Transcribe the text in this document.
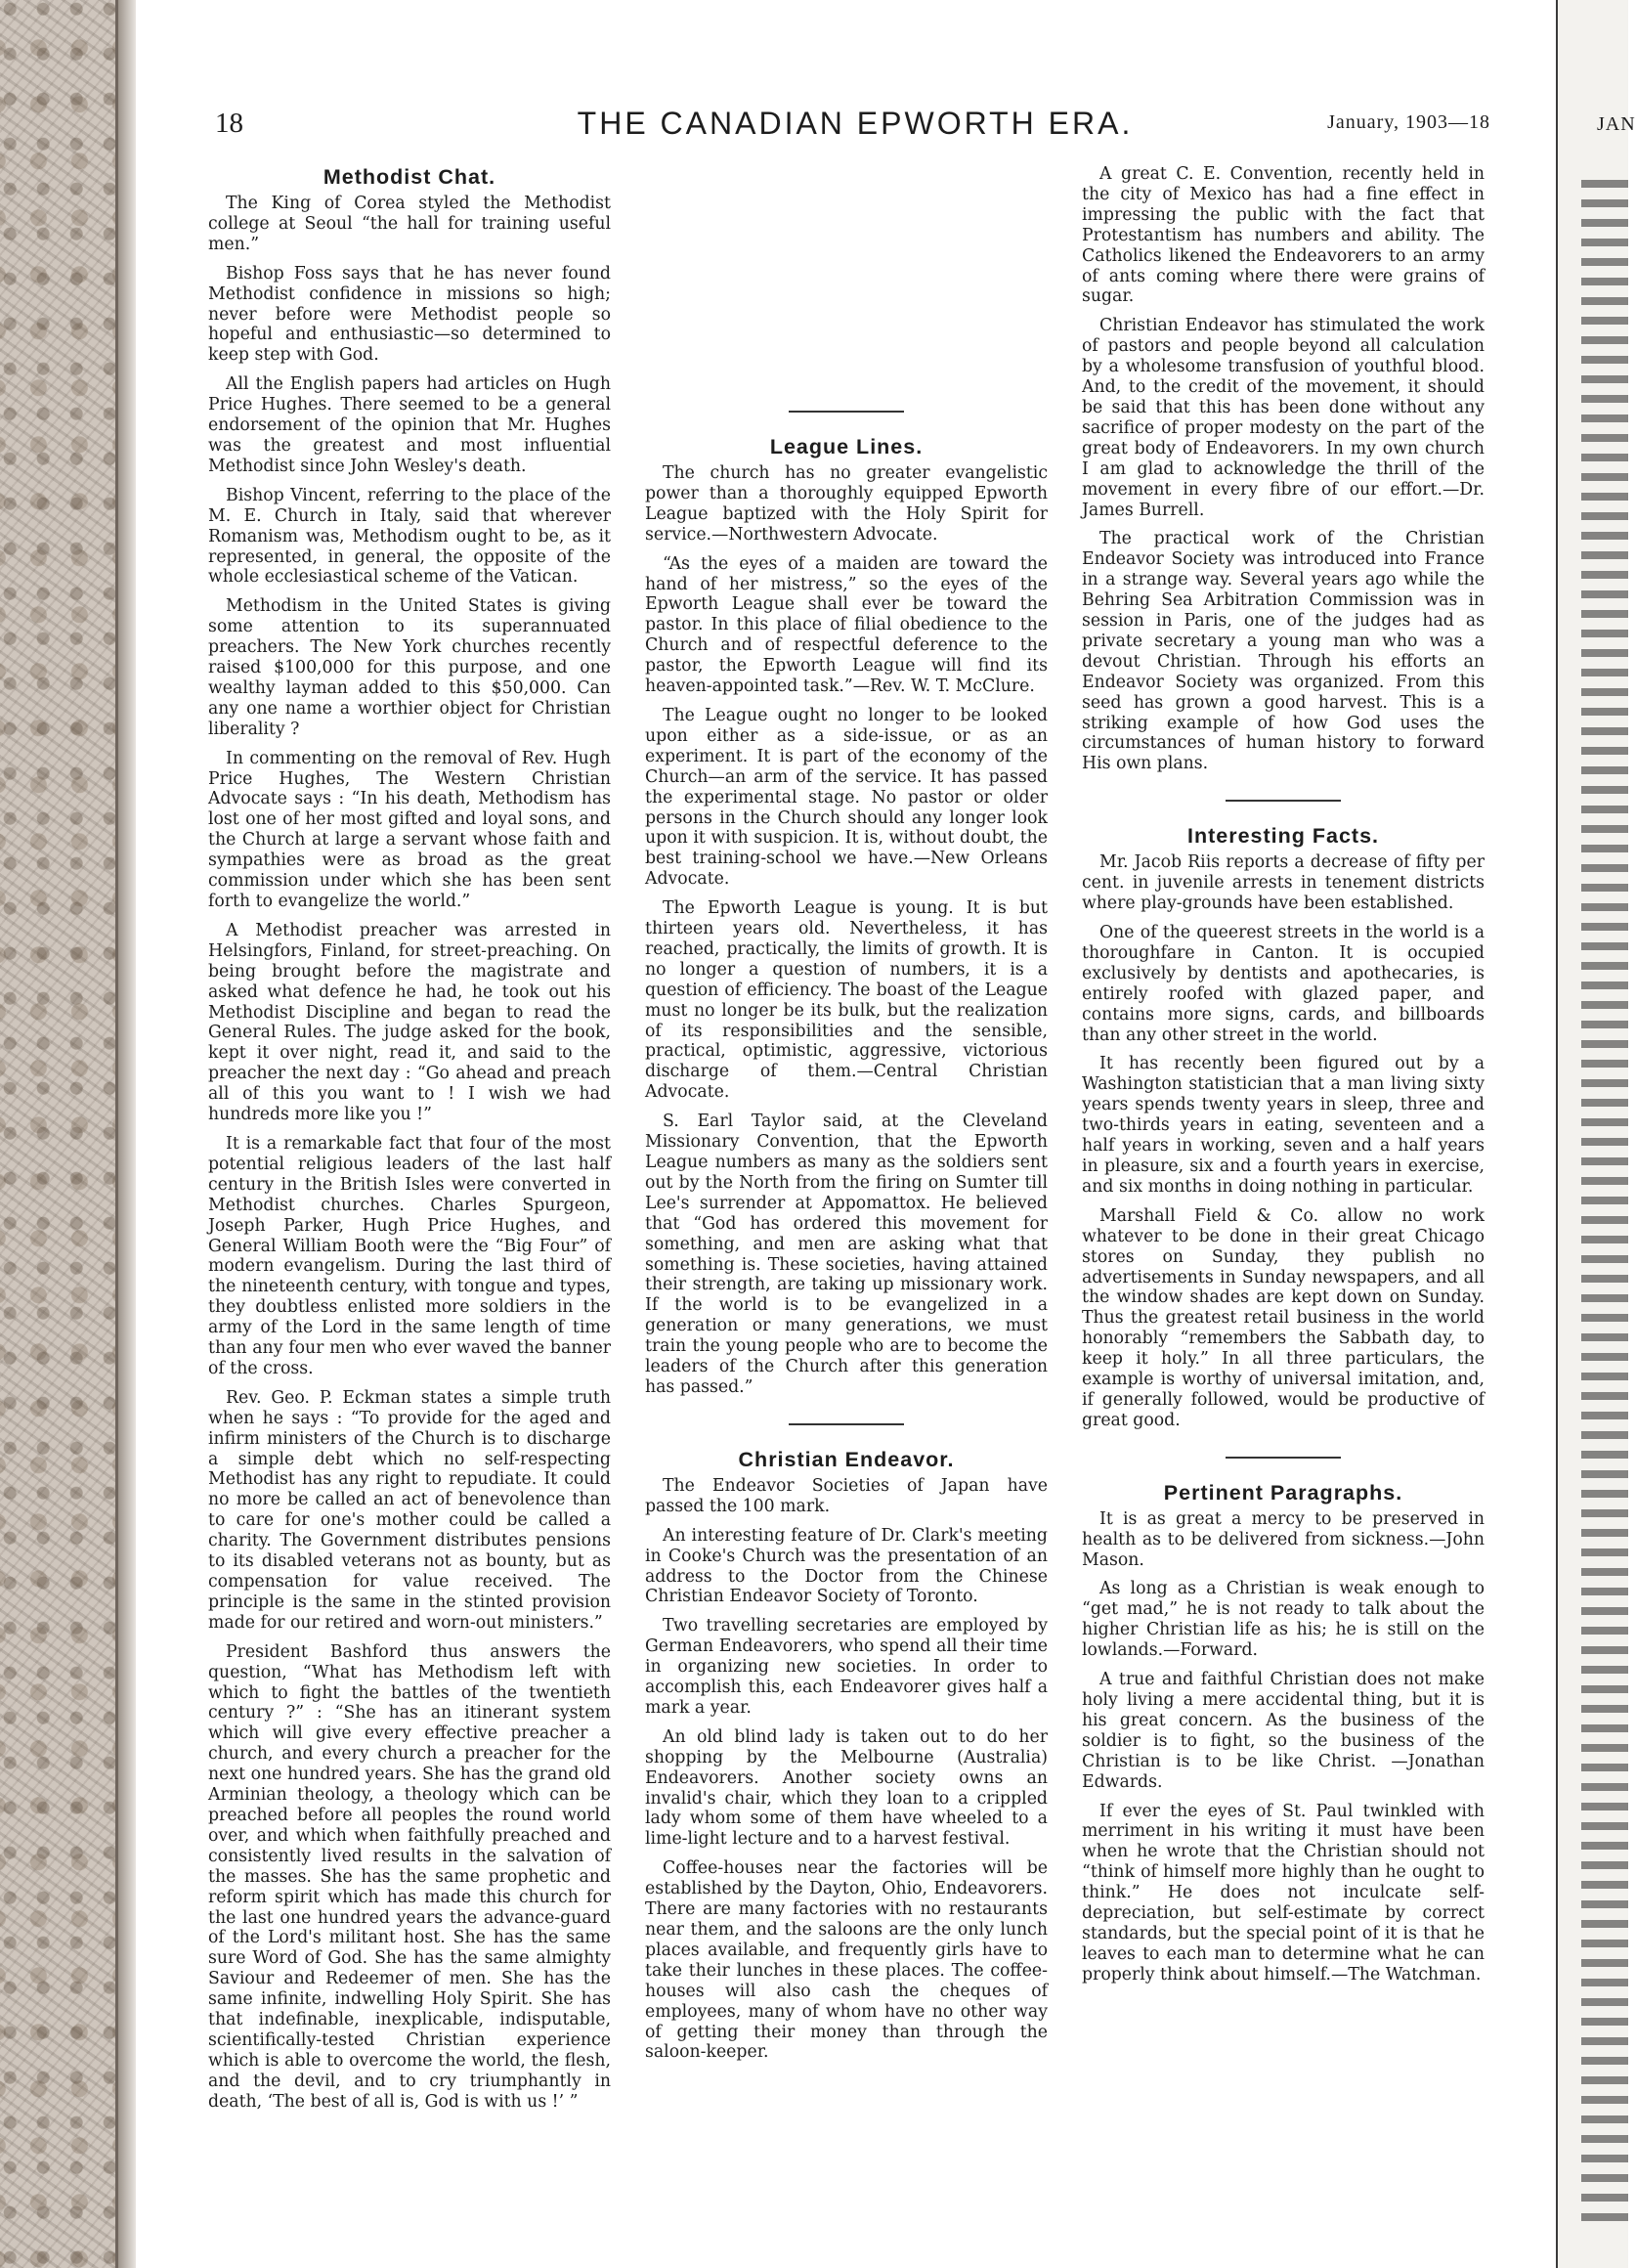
JAN
18	THE CANADIAN EPWORTH ERA.	January, 1903—18
Methodist Chat.

The King of Corea styled the Methodist college at Seoul “the hall for training useful men.”

Bishop Foss says that he has never found Methodist confidence in missions so high; never before were Methodist people so hopeful and enthusiastic—so determined to keep step with God.

All the English papers had articles on Hugh Price Hughes. There seemed to be a general endorsement of the opinion that Mr. Hughes was the greatest and most influential Methodist since John Wesley's death.

Bishop Vincent, referring to the place of the M. E. Church in Italy, said that wherever Romanism was, Methodism ought to be, as it represented, in general, the opposite of the whole ecclesiastical scheme of the Vatican.

Methodism in the United States is giving some attention to its superannuated preachers. The New York churches recently raised $100,000 for this purpose, and one wealthy layman added to this $50,000. Can any one name a worthier object for Christian liberality ?

In commenting on the removal of Rev. Hugh Price Hughes, The Western Christian Advocate says : “In his death, Methodism has lost one of her most gifted and loyal sons, and the Church at large a servant whose faith and sympathies were as broad as the great commission under which she has been sent forth to evangelize the world.”

A Methodist preacher was arrested in Helsingfors, Finland, for street-preaching. On being brought before the magistrate and asked what defence he had, he took out his Methodist Discipline and began to read the General Rules. The judge asked for the book, kept it over night, read it, and said to the preacher the next day : “Go ahead and preach all of this you want to ! I wish we had hundreds more like you !”

It is a remarkable fact that four of the most potential religious leaders of the last half century in the British Isles were converted in Methodist churches. Charles Spurgeon, Joseph Parker, Hugh Price Hughes, and General William Booth were the “Big Four” of modern evangelism. During the last third of the nineteenth century, with tongue and types, they doubtless enlisted more soldiers in the army of the Lord in the same length of time than any four men who ever waved the banner of the cross.

Rev. Geo. P. Eckman states a simple truth when he says : “To provide for the aged and infirm ministers of the Church is to discharge a simple debt which no self-respecting Methodist has any right to repudiate. It could no more be called an act of benevolence than to care for one's mother could be called a charity. The Government distributes pensions to its disabled veterans not as bounty, but as compensation for value received. The principle is the same in the stinted provision made for our retired and worn-out ministers.”

President Bashford thus answers the question, “What has Methodism left with which to fight the battles of the twentieth century ?” : “She has an itinerant system which will give every effective preacher a church, and every church a preacher for the next one hundred years. She has the grand old Arminian theology, a theology which can be preached before all peoples the round world over, and which when faithfully preached and consistently lived results in the salvation of the masses. She has the same prophetic and reform spirit which has made this church for the last one hundred years the advance-guard of the Lord's militant host. She has the same sure Word of God. She has the same almighty Saviour and Redeemer of men. She has the same infinite, indwelling Holy Spirit. She has that indefinable, inexplicable, indisputable, scientifically-tested Christian experience which is able to overcome the world, the flesh, and the devil, and to cry triumphantly in death, ‘The best of all is, God is with us !’ ”

League Lines.

The church has no greater evangelistic power than a thoroughly equipped Epworth League baptized with the Holy Spirit for service.—Northwestern Advocate.

“As the eyes of a maiden are toward the hand of her mistress,” so the eyes of the Epworth League shall ever be toward the pastor. In this place of filial obedience to the Church and of respectful deference to the pastor, the Epworth League will find its heaven-appointed task.”—Rev. W. T. McClure.

The League ought no longer to be looked upon either as a side-issue, or as an experiment. It is part of the economy of the Church—an arm of the service. It has passed the experimental stage. No pastor or older persons in the Church should any longer look upon it with suspicion. It is, without doubt, the best training-school we have.—New Orleans Advocate.

The Epworth League is young. It is but thirteen years old. Nevertheless, it has reached, practically, the limits of growth. It is no longer a question of numbers, it is a question of efficiency. The boast of the League must no longer be its bulk, but the realization of its responsibilities and the sensible, practical, optimistic, aggressive, victorious discharge of them.—Central Christian Advocate.

S. Earl Taylor said, at the Cleveland Missionary Convention, that the Epworth League numbers as many as the soldiers sent out by the North from the firing on Sumter till Lee's surrender at Appomattox. He believed that “God has ordered this movement for something, and men are asking what that something is. These societies, having attained their strength, are taking up missionary work. If the world is to be evangelized in a generation or many generations, we must train the young people who are to become the leaders of the Church after this generation has passed.”

Christian Endeavor.

The Endeavor Societies of Japan have passed the 100 mark.

An interesting feature of Dr. Clark's meeting in Cooke's Church was the presentation of an address to the Doctor from the Chinese Christian Endeavor Society of Toronto.

Two travelling secretaries are employed by German Endeavorers, who spend all their time in organizing new societies. In order to accomplish this, each Endeavorer gives half a mark a year.

An old blind lady is taken out to do her shopping by the Melbourne (Australia) Endeavorers. Another society owns an invalid's chair, which they loan to a crippled lady whom some of them have wheeled to a lime-light lecture and to a harvest festival.

Coffee-houses near the factories will be established by the Dayton, Ohio, Endeavorers. There are many factories with no restaurants near them, and the saloons are the only lunch places available, and frequently girls have to take their lunches in these places. The coffee-houses will also cash the cheques of employees, many of whom have no other way of getting their money than through the saloon-keeper.

A great C. E. Convention, recently held in the city of Mexico has had a fine effect in impressing the public with the fact that Protestantism has numbers and ability. The Catholics likened the Endeavorers to an army of ants coming where there were grains of sugar.

Christian Endeavor has stimulated the work of pastors and people beyond all calculation by a wholesome transfusion of youthful blood. And, to the credit of the movement, it should be said that this has been done without any sacrifice of proper modesty on the part of the great body of Endeavorers. In my own church I am glad to acknowledge the thrill of the movement in every fibre of our effort.—Dr. James Burrell.

The practical work of the Christian Endeavor Society was introduced into France in a strange way. Several years ago while the Behring Sea Arbitration Commission was in session in Paris, one of the judges had as private secretary a young man who was a devout Christian. Through his efforts an Endeavor Society was organized. From this seed has grown a good harvest. This is a striking example of how God uses the circumstances of human history to forward His own plans.

Interesting Facts.

Mr. Jacob Riis reports a decrease of fifty per cent. in juvenile arrests in tenement districts where play-grounds have been established.

One of the queerest streets in the world is a thoroughfare in Canton. It is occupied exclusively by dentists and apothecaries, is entirely roofed with glazed paper, and contains more signs, cards, and billboards than any other street in the world.

It has recently been figured out by a Washington statistician that a man living sixty years spends twenty years in sleep, three and two-thirds years in eating, seventeen and a half years in working, seven and a half years in pleasure, six and a fourth years in exercise, and six months in doing nothing in particular.

Marshall Field & Co. allow no work whatever to be done in their great Chicago stores on Sunday, they publish no advertisements in Sunday newspapers, and all the window shades are kept down on Sunday. Thus the greatest retail business in the world honorably “remembers the Sabbath day, to keep it holy.” In all three particulars, the example is worthy of universal imitation, and, if generally followed, would be productive of great good.

Pertinent Paragraphs.

It is as great a mercy to be preserved in health as to be delivered from sickness.—John Mason.

As long as a Christian is weak enough to “get mad,” he is not ready to talk about the higher Christian life as his; he is still on the lowlands.—Forward.

A true and faithful Christian does not make holy living a mere accidental thing, but it is his great concern. As the business of the soldier is to fight, so the business of the Christian is to be like Christ. —Jonathan Edwards.

If ever the eyes of St. Paul twinkled with merriment in his writing it must have been when he wrote that the Christian should not “think of himself more highly than he ought to think.” He does not inculcate self-depreciation, but self-estimate by correct standards, but the special point of it is that he leaves to each man to determine what he can properly think about himself.—The Watchman.
